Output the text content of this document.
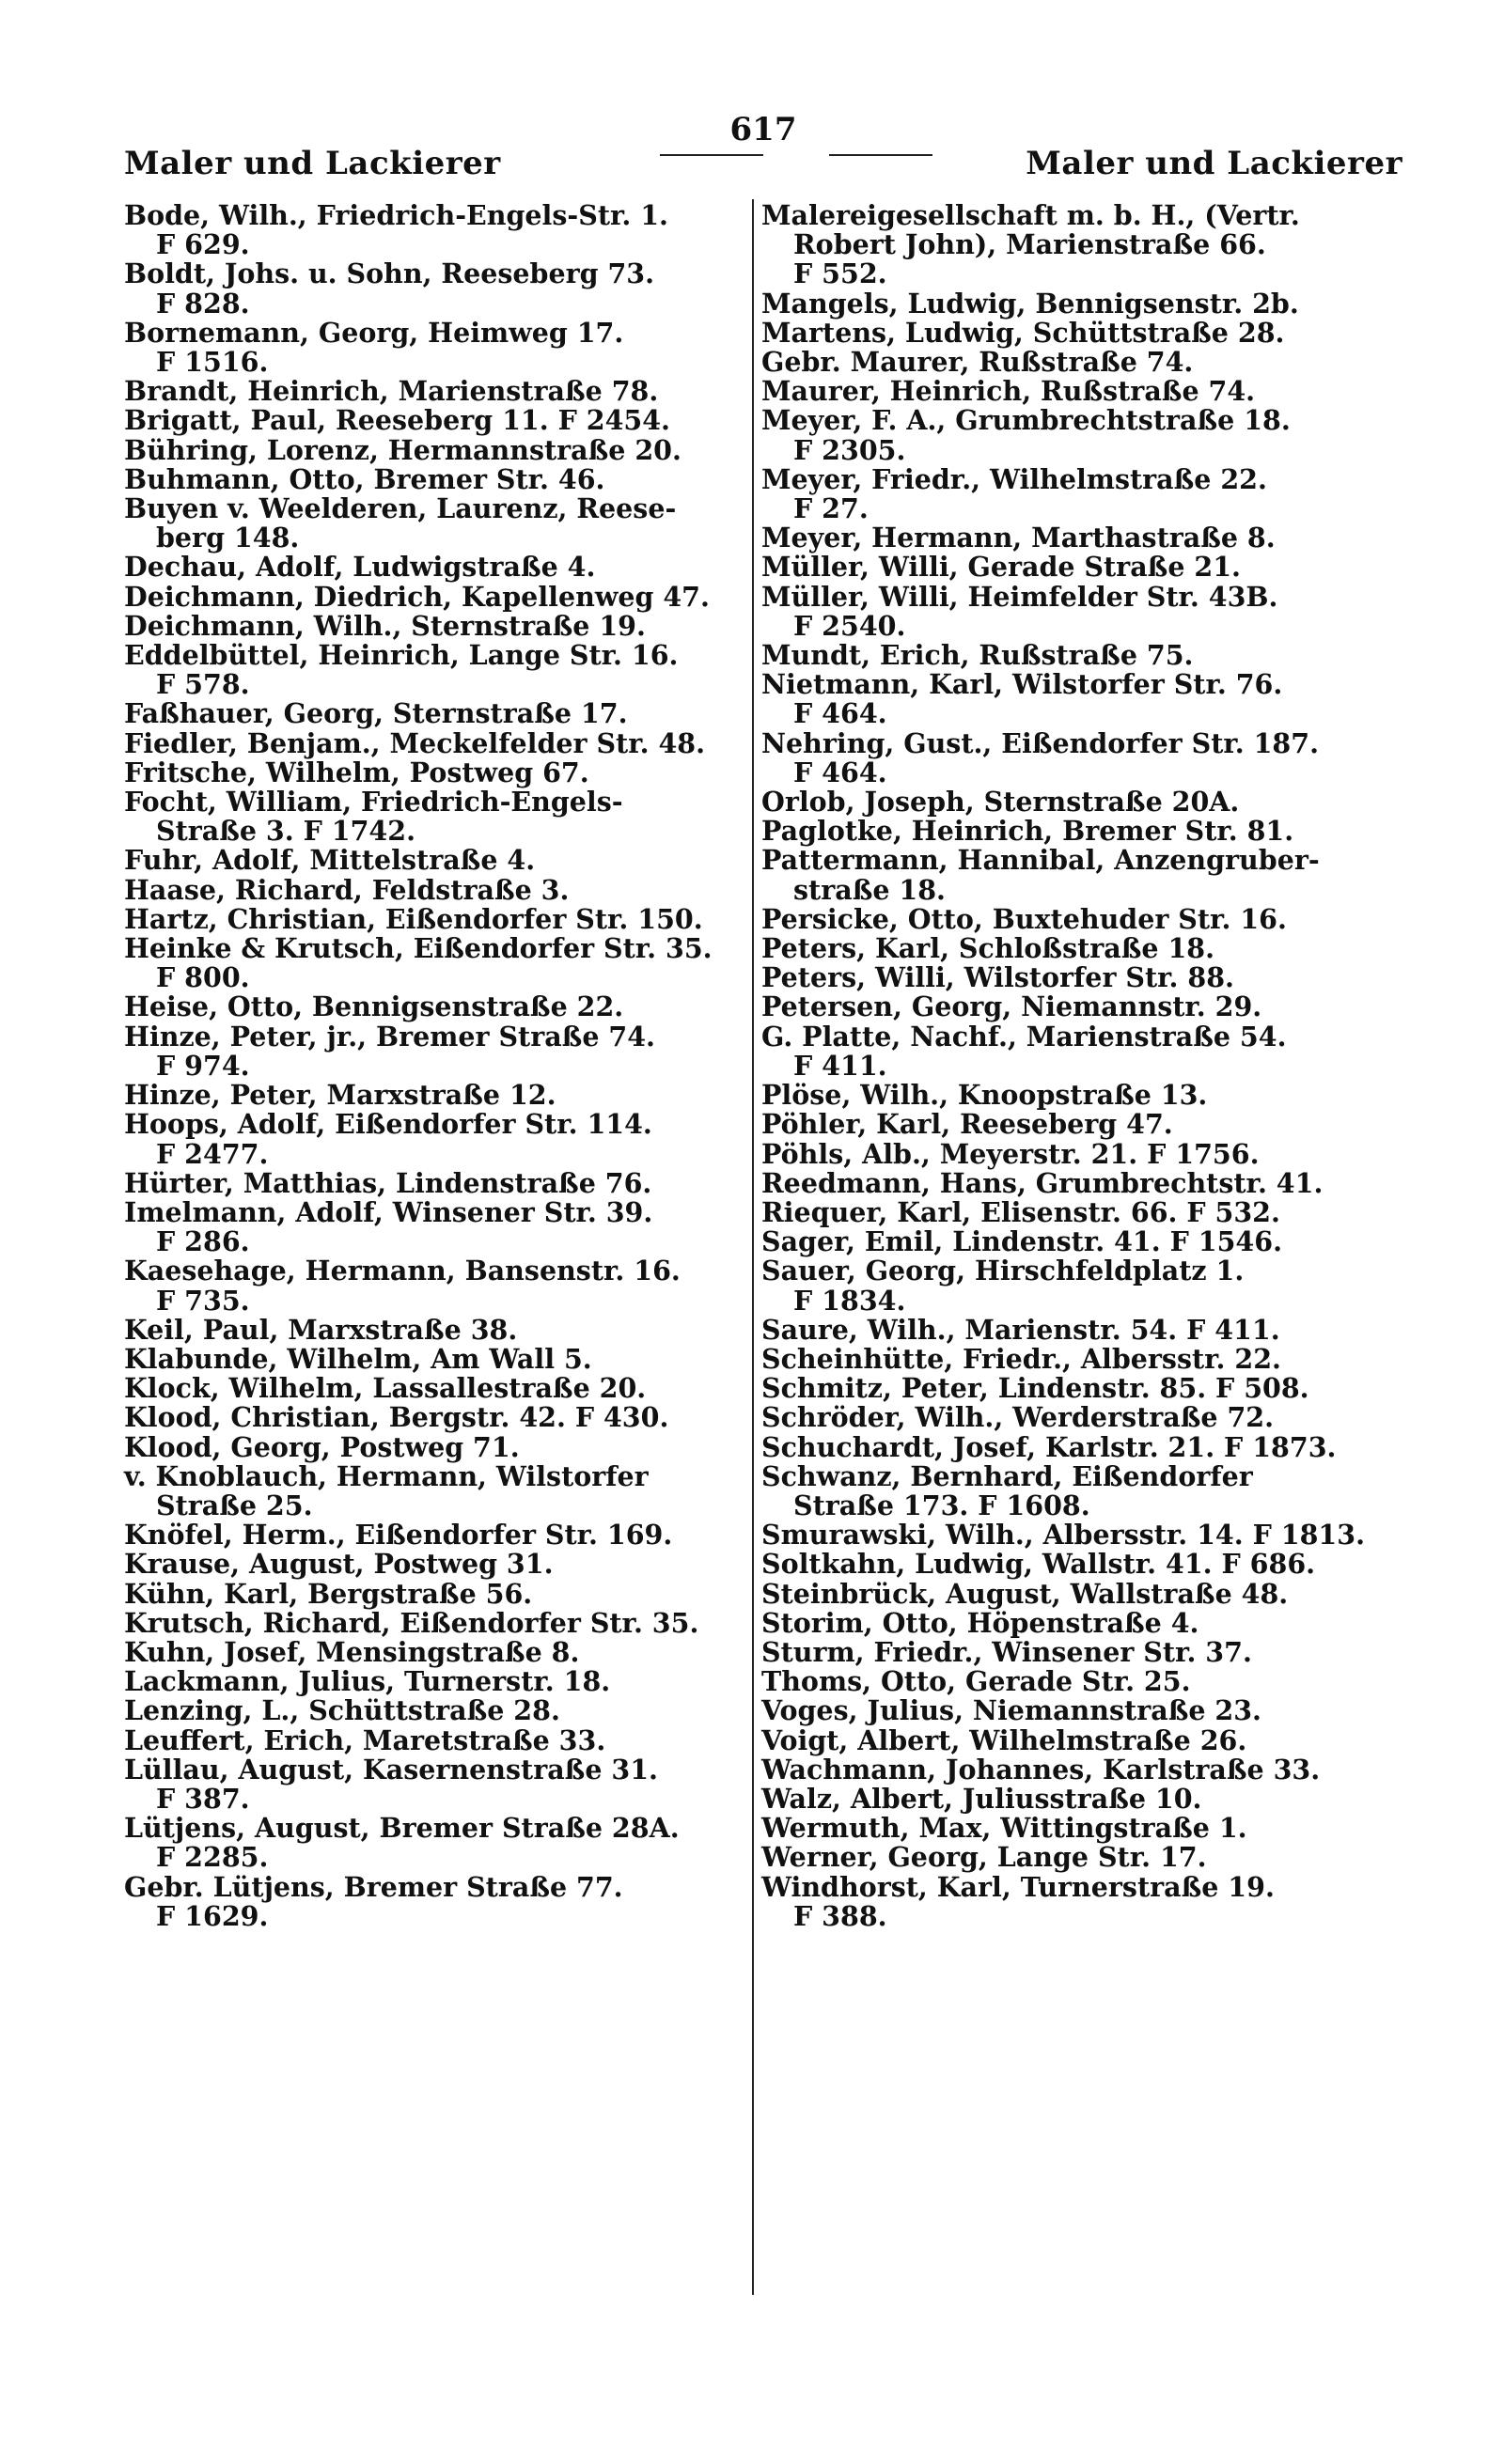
Maler und Lackierer
617
Maler und Lackierer
Bode, Wilh., Friedrich-Engels-Str. 1.
F 629.
Boldt, Johs. u. Sohn, Reeseberg 73.
F 828.
Bornemann, Georg, Heimweg 17.
F 1516.
Brandt, Heinrich, Marienstraße 78.
Brigatt, Paul, Reeseberg 11. F 2454.
Bühring, Lorenz, Hermannstraße 20.
Buhmann, Otto, Bremer Str. 46.
Buyen v. Weelderen, Laurenz, Reese-
berg 148.
Dechau, Adolf, Ludwigstraße 4.
Deichmann, Diedrich, Kapellenweg 47.
Deichmann, Wilh., Sternstraße 19.
Eddelbüttel, Heinrich, Lange Str. 16.
F 578.
Faßhauer, Georg, Sternstraße 17.
Fiedler, Benjam., Meckelfelder Str. 48.
Fritsche, Wilhelm, Postweg 67.
Focht, William, Friedrich-Engels-
Straße 3. F 1742.
Fuhr, Adolf, Mittelstraße 4.
Haase, Richard, Feldstraße 3.
Hartz, Christian, Eißendorfer Str. 150.
Heinke & Krutsch, Eißendorfer Str. 35.
F 800.
Heise, Otto, Bennigsenstraße 22.
Hinze, Peter, jr., Bremer Straße 74.
F 974.
Hinze, Peter, Marxstraße 12.
Hoops, Adolf, Eißendorfer Str. 114.
F 2477.
Hürter, Matthias, Lindenstraße 76.
Imelmann, Adolf, Winsener Str. 39.
F 286.
Kaesehage, Hermann, Bansenstr. 16.
F 735.
Keil, Paul, Marxstraße 38.
Klabunde, Wilhelm, Am Wall 5.
Klock, Wilhelm, Lassallestraße 20.
Klood, Christian, Bergstr. 42. F 430.
Klood, Georg, Postweg 71.
v. Knoblauch, Hermann, Wilstorfer
Straße 25.
Knöfel, Herm., Eißendorfer Str. 169.
Krause, August, Postweg 31.
Kühn, Karl, Bergstraße 56.
Krutsch, Richard, Eißendorfer Str. 35.
Kuhn, Josef, Mensingstraße 8.
Lackmann, Julius, Turnerstr. 18.
Lenzing, L., Schüttstraße 28.
Leuffert, Erich, Maretstraße 33.
Lüllau, August, Kasernenstraße 31.
F 387.
Lütjens, August, Bremer Straße 28A.
F 2285.
Gebr. Lütjens, Bremer Straße 77.
F 1629.
Malereigesellschaft m. b. H., (Vertr.
Robert John), Marienstraße 66.
F 552.
Mangels, Ludwig, Bennigsenstr. 2b.
Martens, Ludwig, Schüttstraße 28.
Gebr. Maurer, Rußstraße 74.
Maurer, Heinrich, Rußstraße 74.
Meyer, F. A., Grumbrechtstraße 18.
F 2305.
Meyer, Friedr., Wilhelmstraße 22.
F 27.
Meyer, Hermann, Marthastraße 8.
Müller, Willi, Gerade Straße 21.
Müller, Willi, Heimfelder Str. 43B.
F 2540.
Mundt, Erich, Rußstraße 75.
Nietmann, Karl, Wilstorfer Str. 76.
F 464.
Nehring, Gust., Eißendorfer Str. 187.
F 464.
Orlob, Joseph, Sternstraße 20A.
Paglotke, Heinrich, Bremer Str. 81.
Pattermann, Hannibal, Anzengruber-
straße 18.
Persicke, Otto, Buxtehuder Str. 16.
Peters, Karl, Schloßstraße 18.
Peters, Willi, Wilstorfer Str. 88.
Petersen, Georg, Niemannstr. 29.
G. Platte, Nachf., Marienstraße 54.
F 411.
Plöse, Wilh., Knoopstraße 13.
Pöhler, Karl, Reeseberg 47.
Pöhls, Alb., Meyerstr. 21. F 1756.
Reedmann, Hans, Grumbrechtstr. 41.
Riequer, Karl, Elisenstr. 66. F 532.
Sager, Emil, Lindenstr. 41. F 1546.
Sauer, Georg, Hirschfeldplatz 1.
F 1834.
Saure, Wilh., Marienstr. 54. F 411.
Scheinhütte, Friedr., Albersstr. 22.
Schmitz, Peter, Lindenstr. 85. F 508.
Schröder, Wilh., Werderstraße 72.
Schuchardt, Josef, Karlstr. 21. F 1873.
Schwanz, Bernhard, Eißendorfer
Straße 173. F 1608.
Smurawski, Wilh., Albersstr. 14. F 1813.
Soltkahn, Ludwig, Wallstr. 41. F 686.
Steinbrück, August, Wallstraße 48.
Storim, Otto, Höpenstraße 4.
Sturm, Friedr., Winsener Str. 37.
Thoms, Otto, Gerade Str. 25.
Voges, Julius, Niemannstraße 23.
Voigt, Albert, Wilhelmstraße 26.
Wachmann, Johannes, Karlstraße 33.
Walz, Albert, Juliusstraße 10.
Wermuth, Max, Wittingstraße 1.
Werner, Georg, Lange Str. 17.
Windhorst, Karl, Turnerstraße 19.
F 388.
